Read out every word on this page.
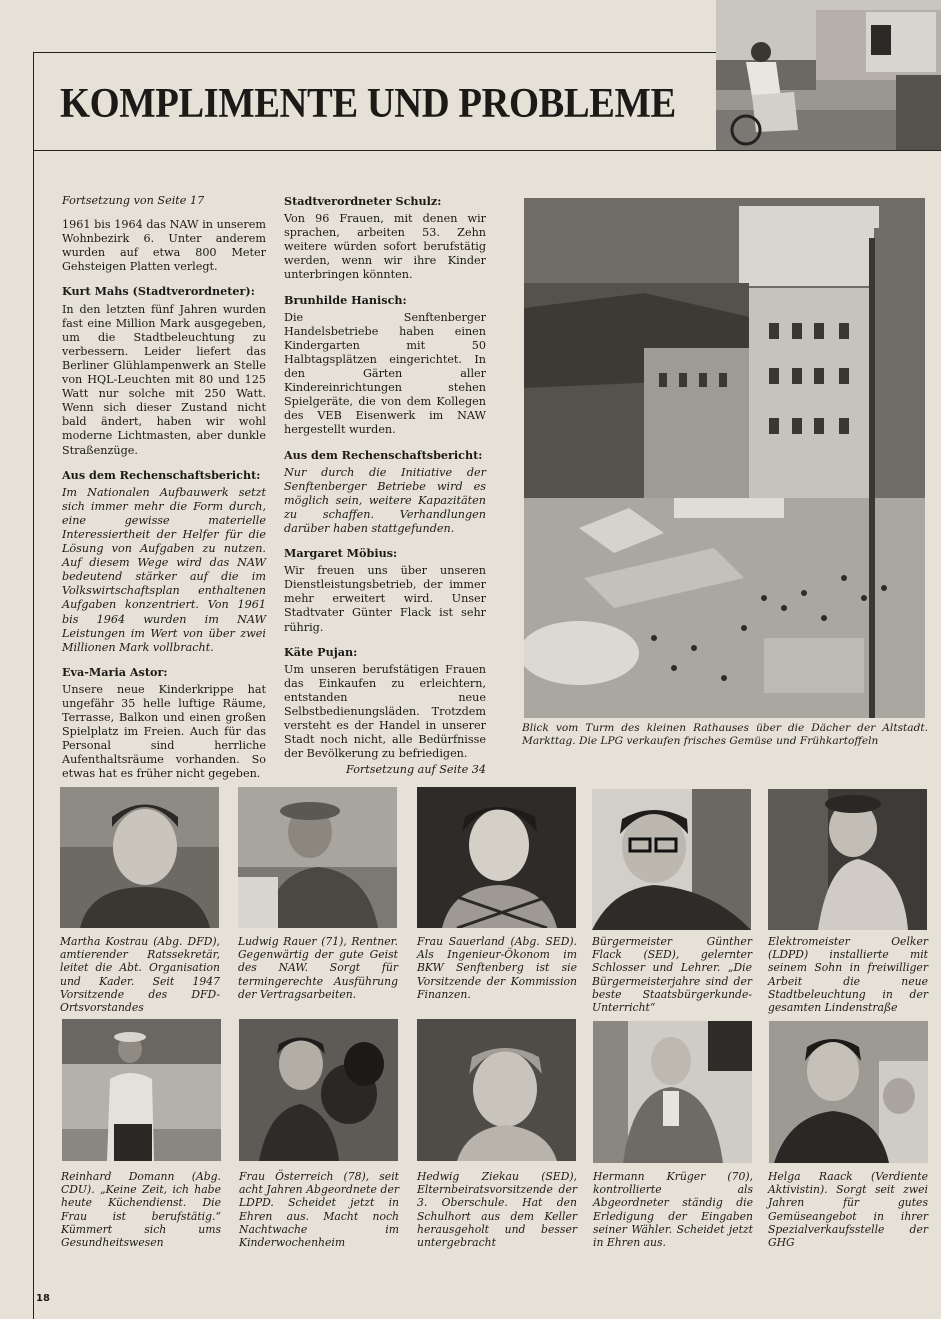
KOMPLIMENTE UND PROBLEME

Fortsetzung von Seite 17

1961 bis 1964 das NAW in unserem Wohnbezirk 6. Unter anderem wurden auf etwa 800 Meter Gehsteigen Platten verlegt.

Kurt Mahs (Stadtverordneter):

In den letzten fünf Jahren wurden fast eine Million Mark ausgegeben, um die Stadtbeleuchtung zu verbessern. Leider liefert das Berliner Glühlampenwerk an Stelle von HQL-Leuchten mit 80 und 125 Watt nur solche mit 250 Watt. Wenn sich dieser Zustand nicht bald ändert, haben wir wohl moderne Lichtmasten, aber dunkle Straßenzüge.

Aus dem Rechenschaftsbericht:

Im Nationalen Aufbauwerk setzt sich immer mehr die Form durch, eine gewisse materielle Interessiertheit der Helfer für die Lösung von Aufgaben zu nutzen. Auf diesem Wege wird das NAW bedeutend stärker auf die im Volkswirtschaftsplan enthaltenen Aufgaben konzentriert. Von 1961 bis 1964 wurden im NAW Leistungen im Wert von über zwei Millionen Mark vollbracht.

Eva-Maria Astor:

Unsere neue Kinderkrippe hat ungefähr 35 helle luftige Räume, Terrasse, Balkon und einen großen Spielplatz im Freien. Auch für das Personal sind herrliche Aufenthaltsräume vorhanden. So etwas hat es früher nicht gegeben.

Stadtverordneter Schulz:

Von 96 Frauen, mit denen wir sprachen, arbeiten 53. Zehn weitere würden sofort berufstätig werden, wenn wir ihre Kinder unterbringen könnten.

Brunhilde Hanisch:

Die Senftenberger Handelsbetriebe haben einen Kindergarten mit 50 Halbtagsplätzen eingerichtet. In den Gärten aller Kindereinrichtungen stehen Spielgeräte, die von dem Kollegen des VEB Eisenwerk im NAW hergestellt wurden.

Aus dem Rechenschaftsbericht:

Nur durch die Initiative der Senftenberger Betriebe wird es möglich sein, weitere Kapazitäten zu schaffen. Verhandlungen darüber haben stattgefunden.

Margaret Möbius:

Wir freuen uns über unseren Dienstleistungsbetrieb, der immer mehr erweitert wird. Unser Stadtvater Günter Flack ist sehr rührig.

Käte Pujan:

Um unseren berufstätigen Frauen das Einkaufen zu erleichtern, entstanden neue Selbstbedienungsläden. Trotzdem versteht es der Handel in unserer Stadt noch nicht, alle Bedürfnisse der Bevölkerung zu befriedigen.

Fortsetzung auf Seite 34

Blick vom Turm des kleinen Rathauses über die Dächer der Altstadt. Markttag. Die LPG verkaufen frisches Gemüse und Frühkartoffeln
Martha Kostrau (Abg. DFD), amtierender Ratssekretär, leitet die Abt. Organisation und Kader. Seit 1947 Vorsitzende des DFD-Ortsvorstandes
Ludwig Rauer (71), Rentner. Gegenwärtig der gute Geist des NAW. Sorgt für termingerechte Ausführung der Vertragsarbeiten.
Frau Sauerland (Abg. SED). Als Ingenieur-Ökonom im BKW Senftenberg ist sie Vorsitzende der Kommission Finanzen.
Bürgermeister Günther Flack (SED), gelernter Schlosser und Lehrer. „Die Bürgermeisterjahre sind der beste Staatsbürgerkunde-Unterricht“
Elektromeister Oelker (LDPD) installierte mit seinem Sohn in freiwilliger Arbeit die neue Stadtbeleuchtung in der gesamten Lindenstraße
Reinhard Domann (Abg. CDU). „Keine Zeit, ich habe heute Küchendienst. Die Frau ist berufstätig.“ Kümmert sich ums Gesundheitswesen
Frau Österreich (78), seit acht Jahren Abgeordnete der LDPD. Scheidet jetzt in Ehren aus. Macht noch Nachtwache im Kinderwochenheim
Hedwig Ziekau (SED), Elternbeiratsvorsitzende der 3. Oberschule. Hat den Schulhort aus dem Keller herausgeholt und besser untergebracht
Hermann Krüger (70), kontrollierte als Abgeordneter ständig die Erledigung der Eingaben seiner Wähler. Scheidet jetzt in Ehren aus.
Helga Raack (Verdiente Aktivistin). Sorgt seit zwei Jahren für gutes Gemüseangebot in ihrer Spezialverkaufsstelle der GHG
18
